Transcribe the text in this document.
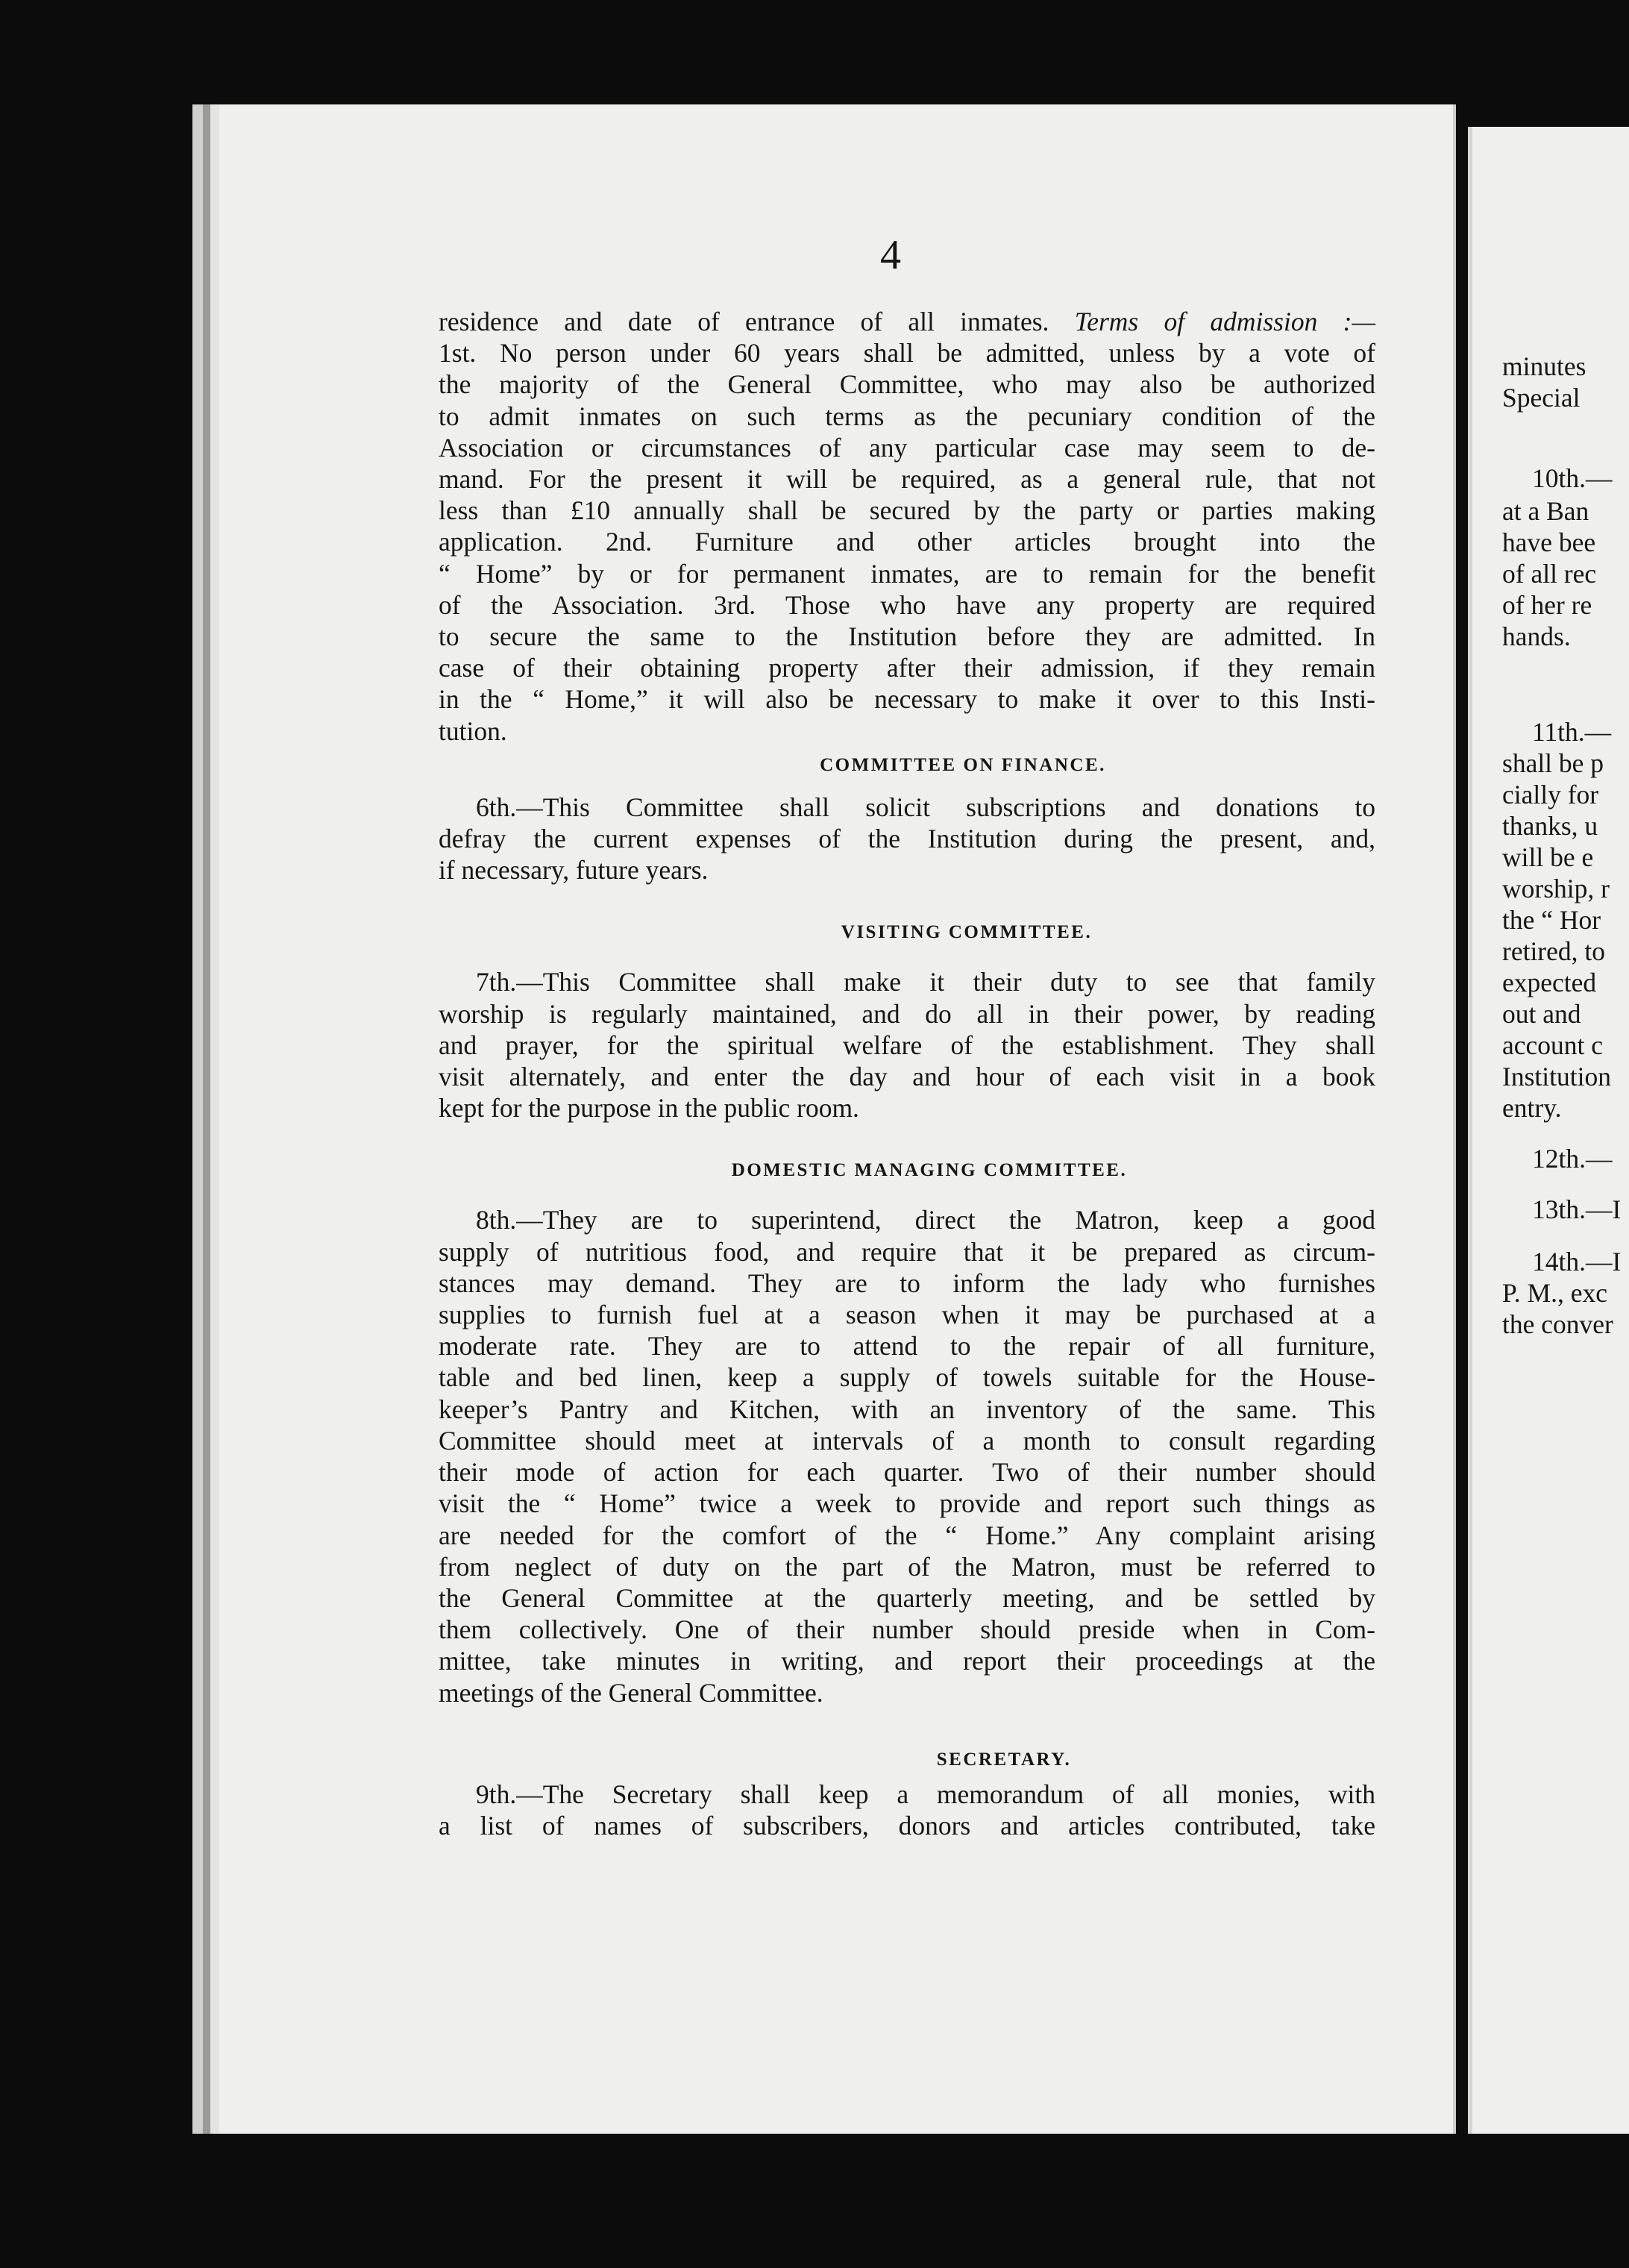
4

residence and date of entrance of all inmates. Terms of admission :—
1st. No person under 60 years shall be admitted, unless by a vote of
the majority of the General Committee, who may also be authorized
to admit inmates on such terms as the pecuniary condition of the
Association or circumstances of any particular case may seem to de-
mand. For the present it will be required, as a general rule, that not
less than £10 annually shall be secured by the party or parties making
application. 2nd. Furniture and other articles brought into the
“ Home” by or for permanent inmates, are to remain for the benefit
of the Association. 3rd. Those who have any property are required
to secure the same to the Institution before they are admitted. In
case of their obtaining property after their admission, if they remain
in the “ Home,” it will also be necessary to make it over to this Insti-
tution.

COMMITTEE ON FINANCE.

6th.—This Committee shall solicit subscriptions and donations to
defray the current expenses of the Institution during the present, and,
if necessary, future years.

VISITING COMMITTEE.

7th.—This Committee shall make it their duty to see that family
worship is regularly maintained, and do all in their power, by reading
and prayer, for the spiritual welfare of the establishment. They shall
visit alternately, and enter the day and hour of each visit in a book
kept for the purpose in the public room.

DOMESTIC MANAGING COMMITTEE.

8th.—They are to superintend, direct the Matron, keep a good
supply of nutritious food, and require that it be prepared as circum-
stances may demand. They are to inform the lady who furnishes
supplies to furnish fuel at a season when it may be purchased at a
moderate rate. They are to attend to the repair of all furniture,
table and bed linen, keep a supply of towels suitable for the House-
keeper’s Pantry and Kitchen, with an inventory of the same. This
Committee should meet at intervals of a month to consult regarding
their mode of action for each quarter. Two of their number should
visit the “ Home” twice a week to provide and report such things as
are needed for the comfort of the “ Home.” Any complaint arising
from neglect of duty on the part of the Matron, must be referred to
the General Committee at the quarterly meeting, and be settled by
them collectively. One of their number should preside when in Com-
mittee, take minutes in writing, and report their proceedings at the
meetings of the General Committee.

SECRETARY.

9th.—The Secretary shall keep a memorandum of all monies, with
a list of names of subscribers, donors and articles contributed, take

minutes
Special
10th.—
at a Ban
have bee
of all rec
of her re
hands.
11th.—
shall be p
cially for
thanks, u
will be e
worship, r
the “ Hor
retired, to
expected
out and
account c
Institution
entry.
12th.—
13th.—I
14th.—I
P. M., exc
the conver
